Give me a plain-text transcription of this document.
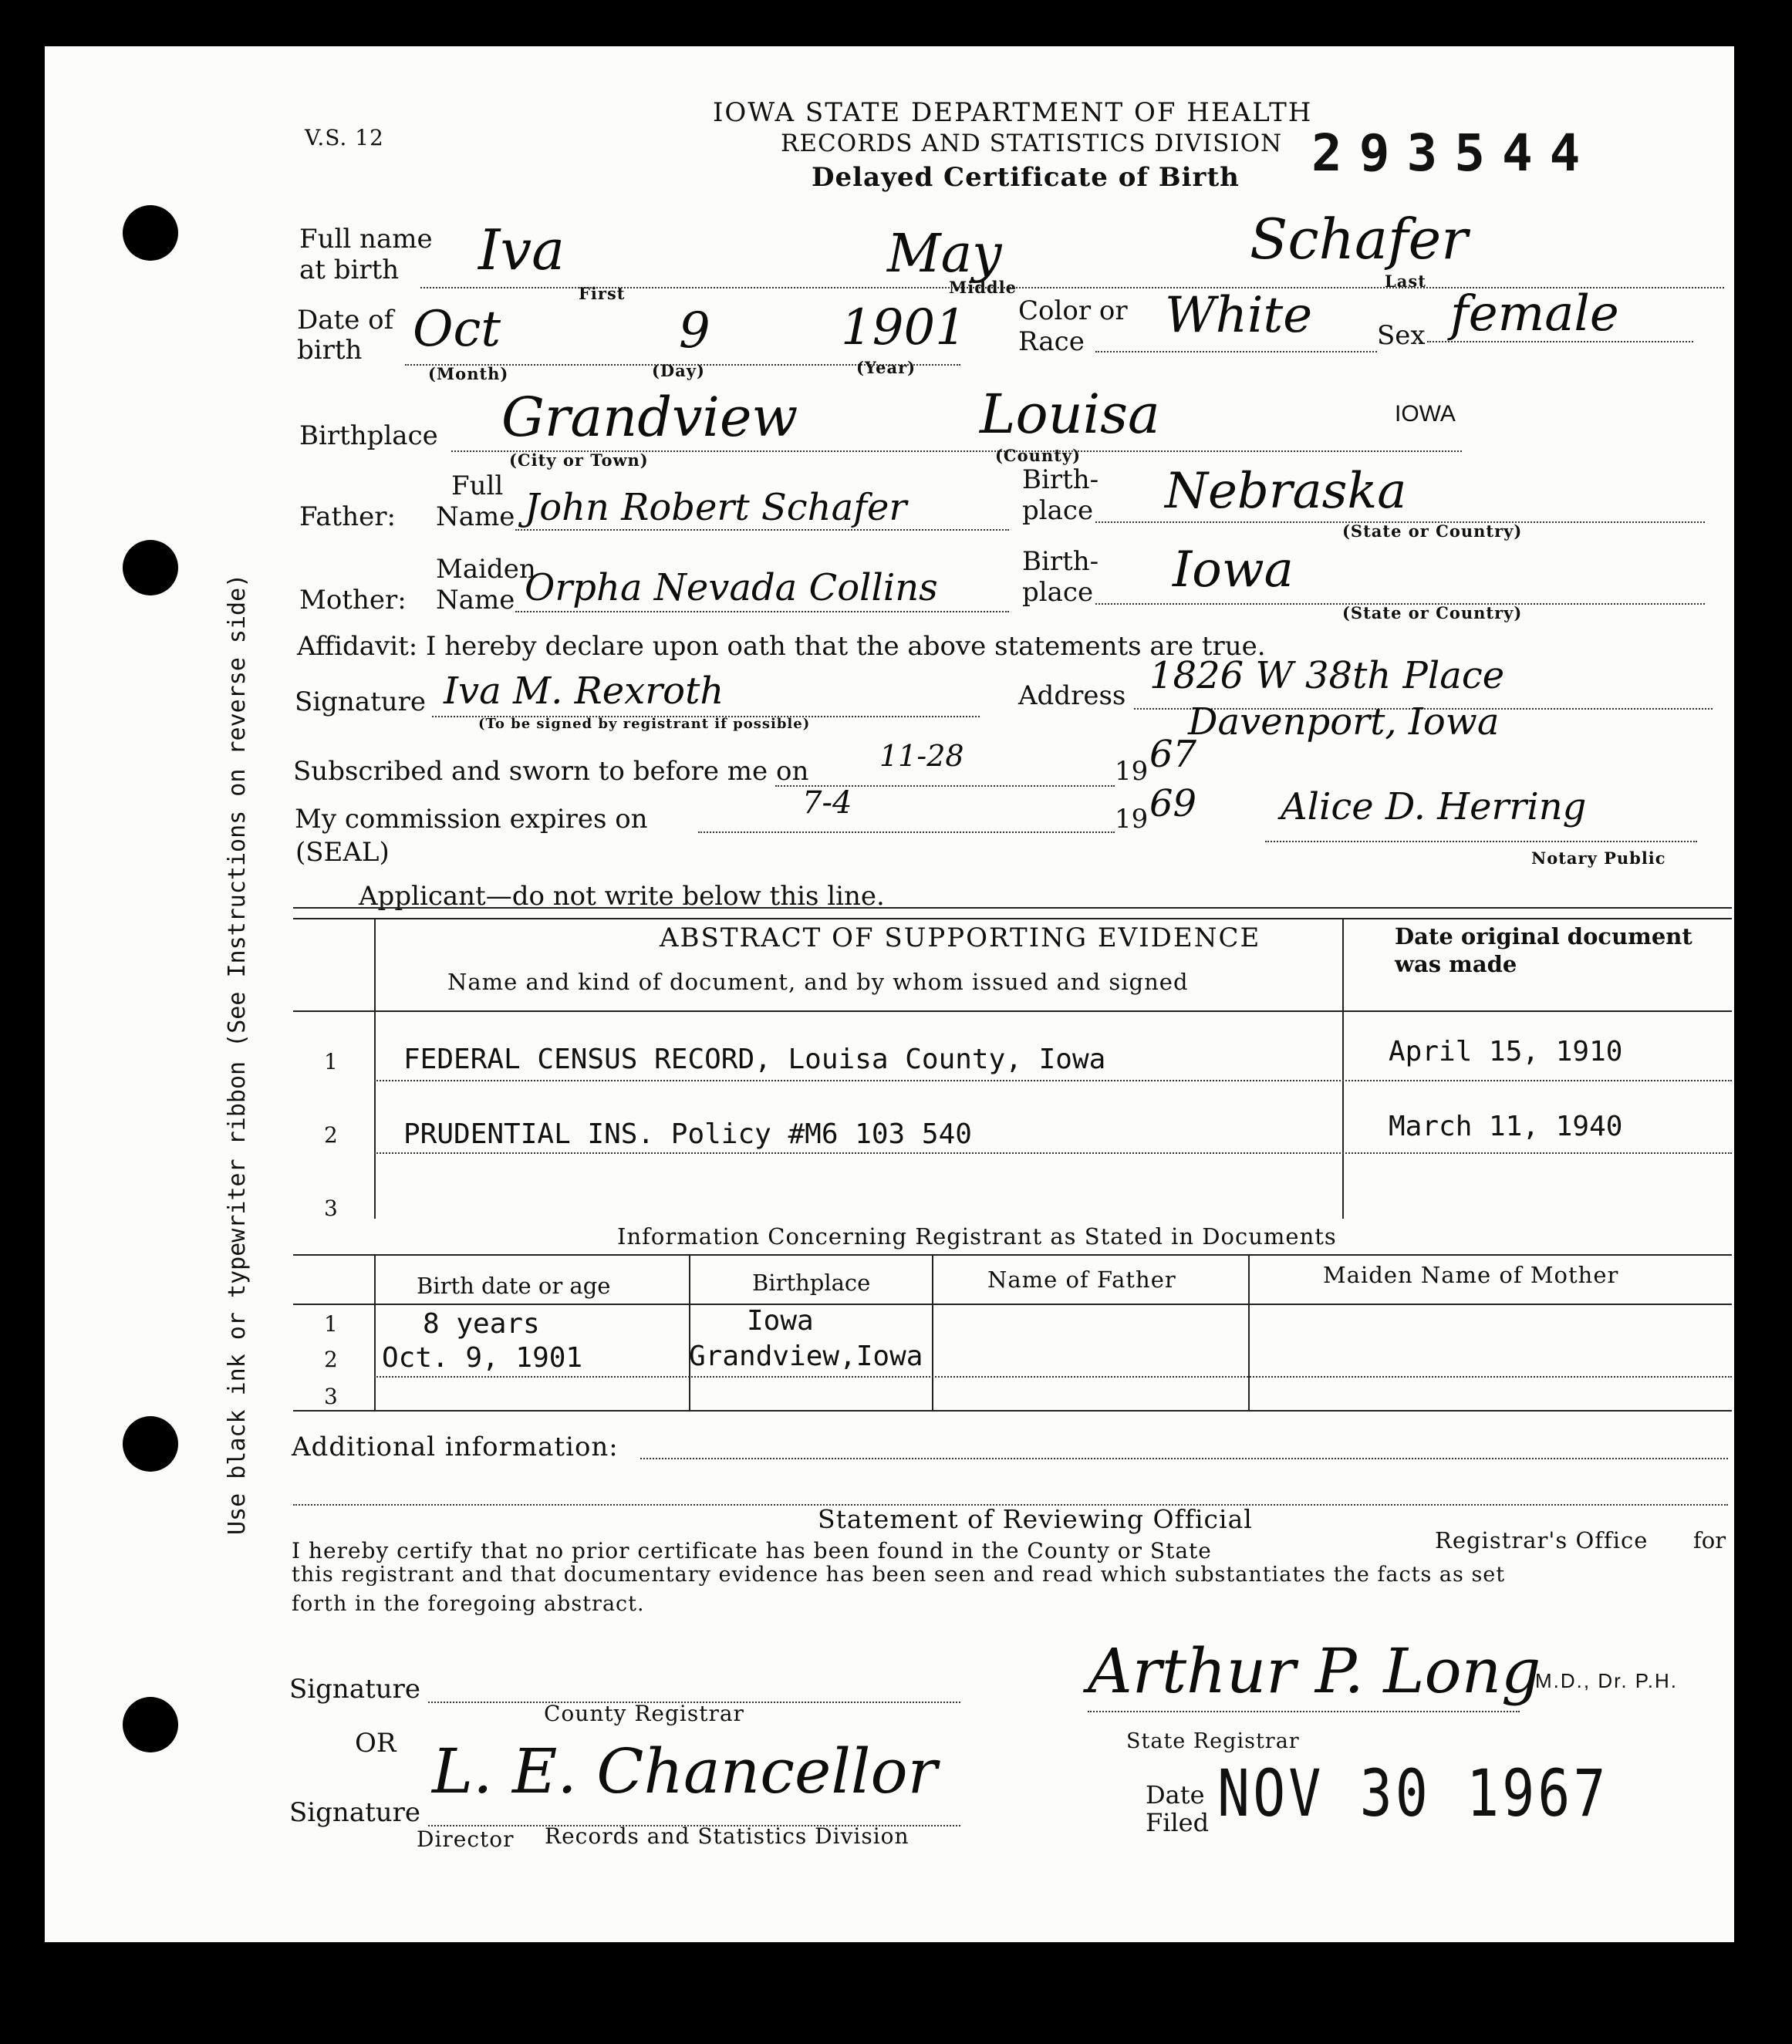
Use black ink or typewriter ribbon (See Instructions on reverse side)
V.S. 12
IOWA STATE DEPARTMENT OF HEALTH
RECORDS AND STATISTICS DIVISION
Delayed Certificate of Birth 293544
Full name
at birth Iva	May	Schafer
First	Middle	Last
Date of
birth Oct	9	1901
(Month)	(Day)	(Year)
Color or
Race White Sex female
Birthplace Grandview	Louisa
(City or Town)	(County)
IOWA
Full
Father: Name John Robert Schafer
Birth-
place Nebraska
(State or Country)
Maiden
Mother: Name Orpha Nevada Collins
Birth-
place Iowa
(State or Country)
Affidavit: I hereby declare upon oath that the above statements are true.
Signature Iva M. Rexroth
(To be signed by registrant if possible)
Address 1826 W 38th Place
Davenport, Iowa
Subscribed and sworn to before me on 11-28	19 67
My commission expires on	7-4	19 69 Alice D. Herring
(SEAL)	Notary Public
Applicant—do not write below this line.
ABSTRACT OF SUPPORTING EVIDENCE
Name and kind of document, and by whom issued and signed
Date original document was made
1 FEDERAL CENSUS RECORD, Louisa County, Iowa	April 15, 1910
2 PRUDENTIAL INS. Policy #M6 103 540	March 11, 1940
3
Information Concerning Registrant as Stated in Documents
Birth date or age	Birthplace	Name of Father	Maiden Name of Mother
1	8 years	Iowa
2 Oct. 9, 1901	Grandview,Iowa
3
Additional information:
Statement of Reviewing Official
I hereby certify that no prior certificate has been found in the County or State	Registrar's Office for
this registrant and that documentary evidence has been seen and read which substantiates the facts as set
forth in the foregoing abstract.
Signature
County Registrar
OR L. E. Chancellor
Signature
Director Records and Statistics Division
Arthur P. Long
M.D., Dr. P.H.
State Registrar
Date
Filed NOV 30 1967
